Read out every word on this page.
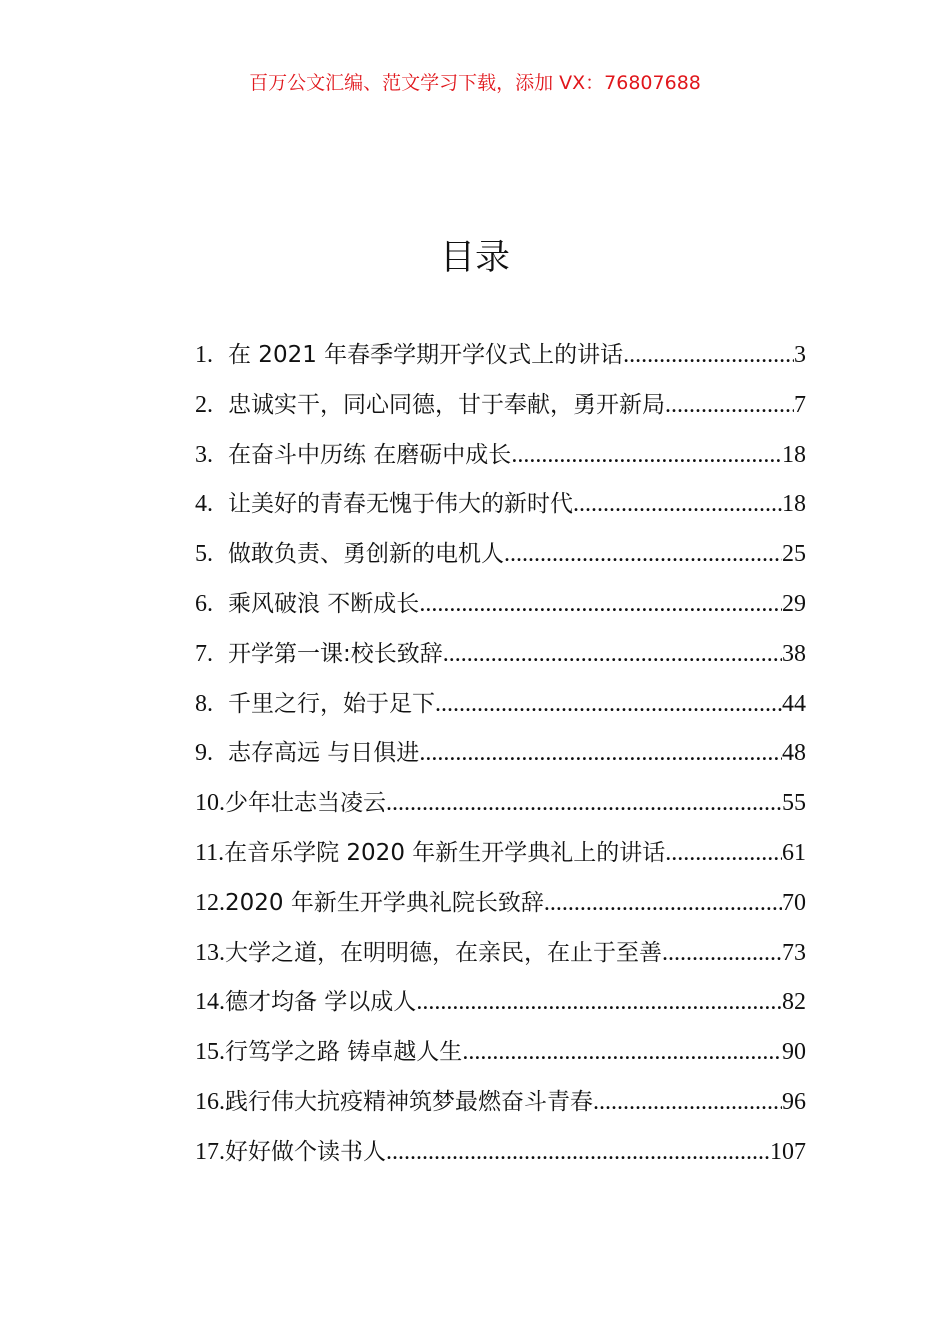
百万公文汇编、范文学习下载，添加 VX：76807688
目录
1. 在 2021 年春季学期开学仪式上的讲话 .....	3
2. 忠诚实干，同心同德，甘于奉献，勇开新局 .....	7
3. 在奋斗中历练 在磨砺中成长 .....	18
4. 让美好的青春无愧于伟大的新时代 .....	18
5. 做敢负责、勇创新的电机人 .....	25
6. 乘风破浪 不断成长 .....	29
7. 开学第一课:校长致辞 .....	38
8. 千里之行，始于足下 .....	44
9. 志存高远 与日俱进 .....	48
10. 少年壮志当凌云 .....	55
11. 在音乐学院 2020 年新生开学典礼上的讲话 .....	61
12. 2020 年新生开学典礼院长致辞 .....	70
13. 大学之道，在明明德，在亲民，在止于至善 .....	73
14. 德才均备 学以成人 .....	82
15. 行笃学之路 铸卓越人生 .....	90
16. 践行伟大抗疫精神筑梦最燃奋斗青春 .....	96
17. 好好做个读书人 .....	107
